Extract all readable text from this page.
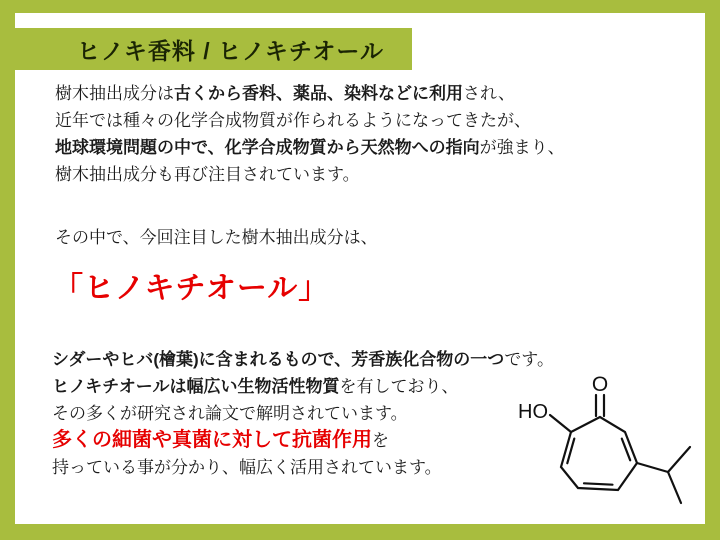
ヒノキ香料 / ヒノキチオール
樹木抽出成分は古くから香料、薬品、染料などに利用され、
近年では種々の化学合成物質が作られるようになってきたが、
地球環境問題の中で、化学合成物質から天然物への指向が強まり、
樹木抽出成分も再び注目されています。
その中で、今回注目した樹木抽出成分は、
「ヒノキチオール」
シダーやヒバ(檜葉)に含まれるもので、芳香族化合物の一つです。
ヒノキチオールは幅広い生物活性物質を有しており、
その多くが研究され論文で解明されています。
多くの細菌や真菌に対して抗菌作用を
持っている事が分かり、幅広く活用されています。
O
HO
